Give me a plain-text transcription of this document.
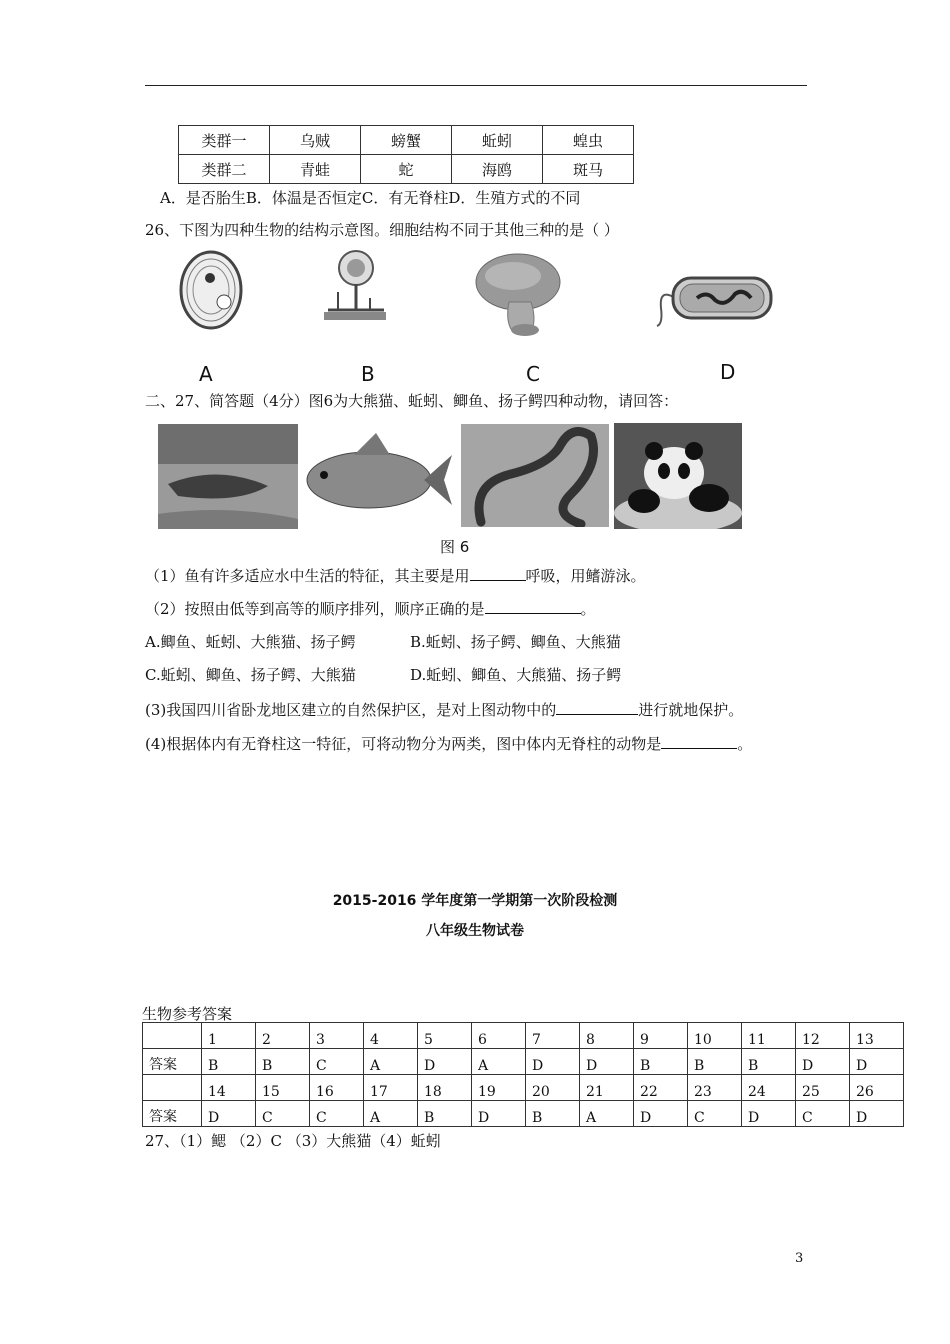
类群一	乌贼	螃蟹	蚯蚓	蝗虫
类群二	青蛙	蛇	海鸥	斑马
A．是否胎生B．体温是否恒定C．有无脊柱D．生殖方式的不同
26、下图为四种生物的结构示意图。细胞结构不同于其他三种的是（ ）
A	B	C	D
二、27、简答题（4分）图6为大熊猫、蚯蚓、鲫鱼、扬子鳄四种动物，请回答：
图 6
（1）鱼有许多适应水中生活的特征，其主要是用	呼吸，用鳍游泳。
（2）按照由低等到高等的顺序排列，顺序正确的是	。
A.鲫鱼、蚯蚓、大熊猫、扬子鳄	B.蚯蚓、扬子鳄、鲫鱼、大熊猫
C.蚯蚓、鲫鱼、扬子鳄、大熊猫	D.蚯蚓、鲫鱼、大熊猫、扬子鳄
(3)我国四川省卧龙地区建立的自然保护区，是对上图动物中的	进行就地保护。
(4)根据体内有无脊柱这一特征，可将动物分为两类，图中体内无脊柱的动物是	。
2015-2016 学年度第一学期第一次阶段检测
八年级生物试卷
生物参考答案
	1	2	3	4	5	6	7	8	9	10	11	12	13
答案	B	B	C	A	D	A	D	D	B	B	B	D	D
	14	15	16	17	18	19	20	21	22	23	24	25	26
答案	D	C	C	A	B	D	B	A	D	C	D	C	D
27、（1）鳃 （2）C （3）大熊猫（4）蚯蚓
3
